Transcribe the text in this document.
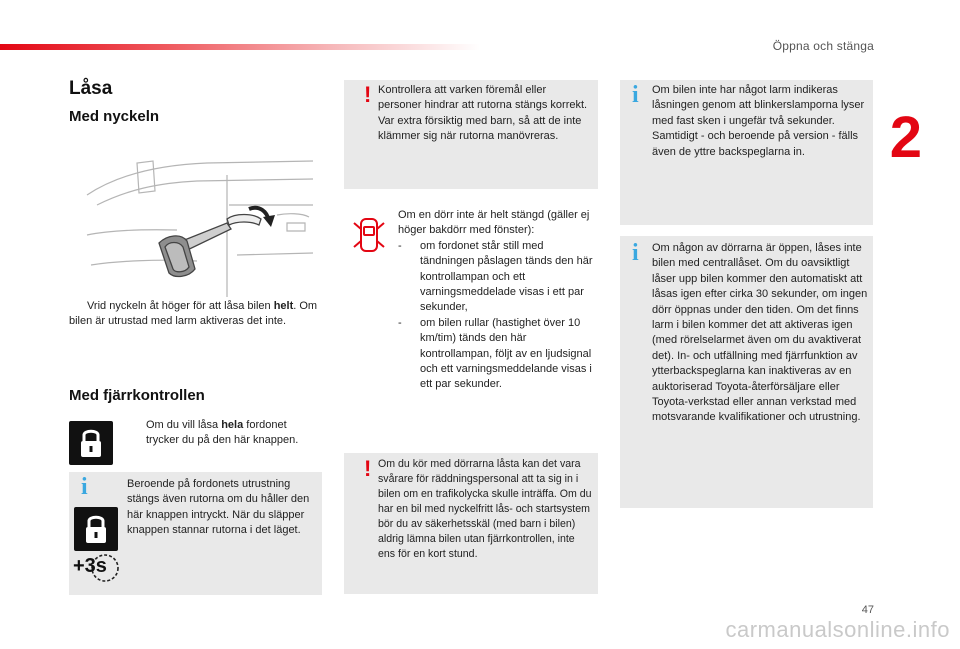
Öppna och stänga
2
Låsa
Med nyckeln

Vrid nyckeln åt höger för att låsa bilen helt. Om bilen är utrustad med larm aktiveras det inte.

Med fjärrkontrollen

Om du vill låsa hela fordonet trycker du på den här knappen.

i	Beroende på fordonets utrustning stängs även rutorna om du håller den här knappen intryckt. När du släpper knappen stannar rutorna i det läget.

+3s
! Kontrollera att varken föremål eller personer hindrar att rutorna stängs korrekt. Var extra försiktig med barn, så att de inte klämmer sig när rutorna manövreras.

Om en dörr inte är helt stängd (gäller ej höger bakdörr med fönster):

-	om fordonet står still med tändningen påslagen tänds den här kontrollampan och ett varningsmeddelade visas i ett par sekunder,
-	om bilen rullar (hastighet över 10 km/tim) tänds den här kontrollampan, följt av en ljudsignal och ett varningsmeddelande visas i ett par sekunder.
! Om du kör med dörrarna låsta kan det vara svårare för räddningspersonal att ta sig in i bilen om en trafikolycka skulle inträffa. Om du har en bil med nyckelfritt lås- och startsystem bör du av säkerhetsskäl (med barn i bilen) aldrig lämna bilen utan fjärrkontrollen, inte ens för en kort stund.

i Om bilen inte har något larm indikeras låsningen genom att blinkerslamporna lyser med fast sken i ungefär två sekunder. Samtidigt - och beroende på version - fälls även de yttre backspeglarna in.

i Om någon av dörrarna är öppen, låses inte bilen med centrallåset. Om du oavsiktligt låser upp bilen kommer den automatiskt att låsas igen efter cirka 30 sekunder, om ingen dörr öppnas under den tiden. Om det finns larm i bilen kommer det att aktiveras igen (med rörelselarmet även om du avaktiverat det). In- och utfällning med fjärrfunktion av ytterbackspeglarna kan inaktiveras av en auktoriserad Toyota-återförsäljare eller Toyota-verkstad eller annan verkstad med motsvarande kvalifikationer och utrustning.

47
carmanualsonline.info
